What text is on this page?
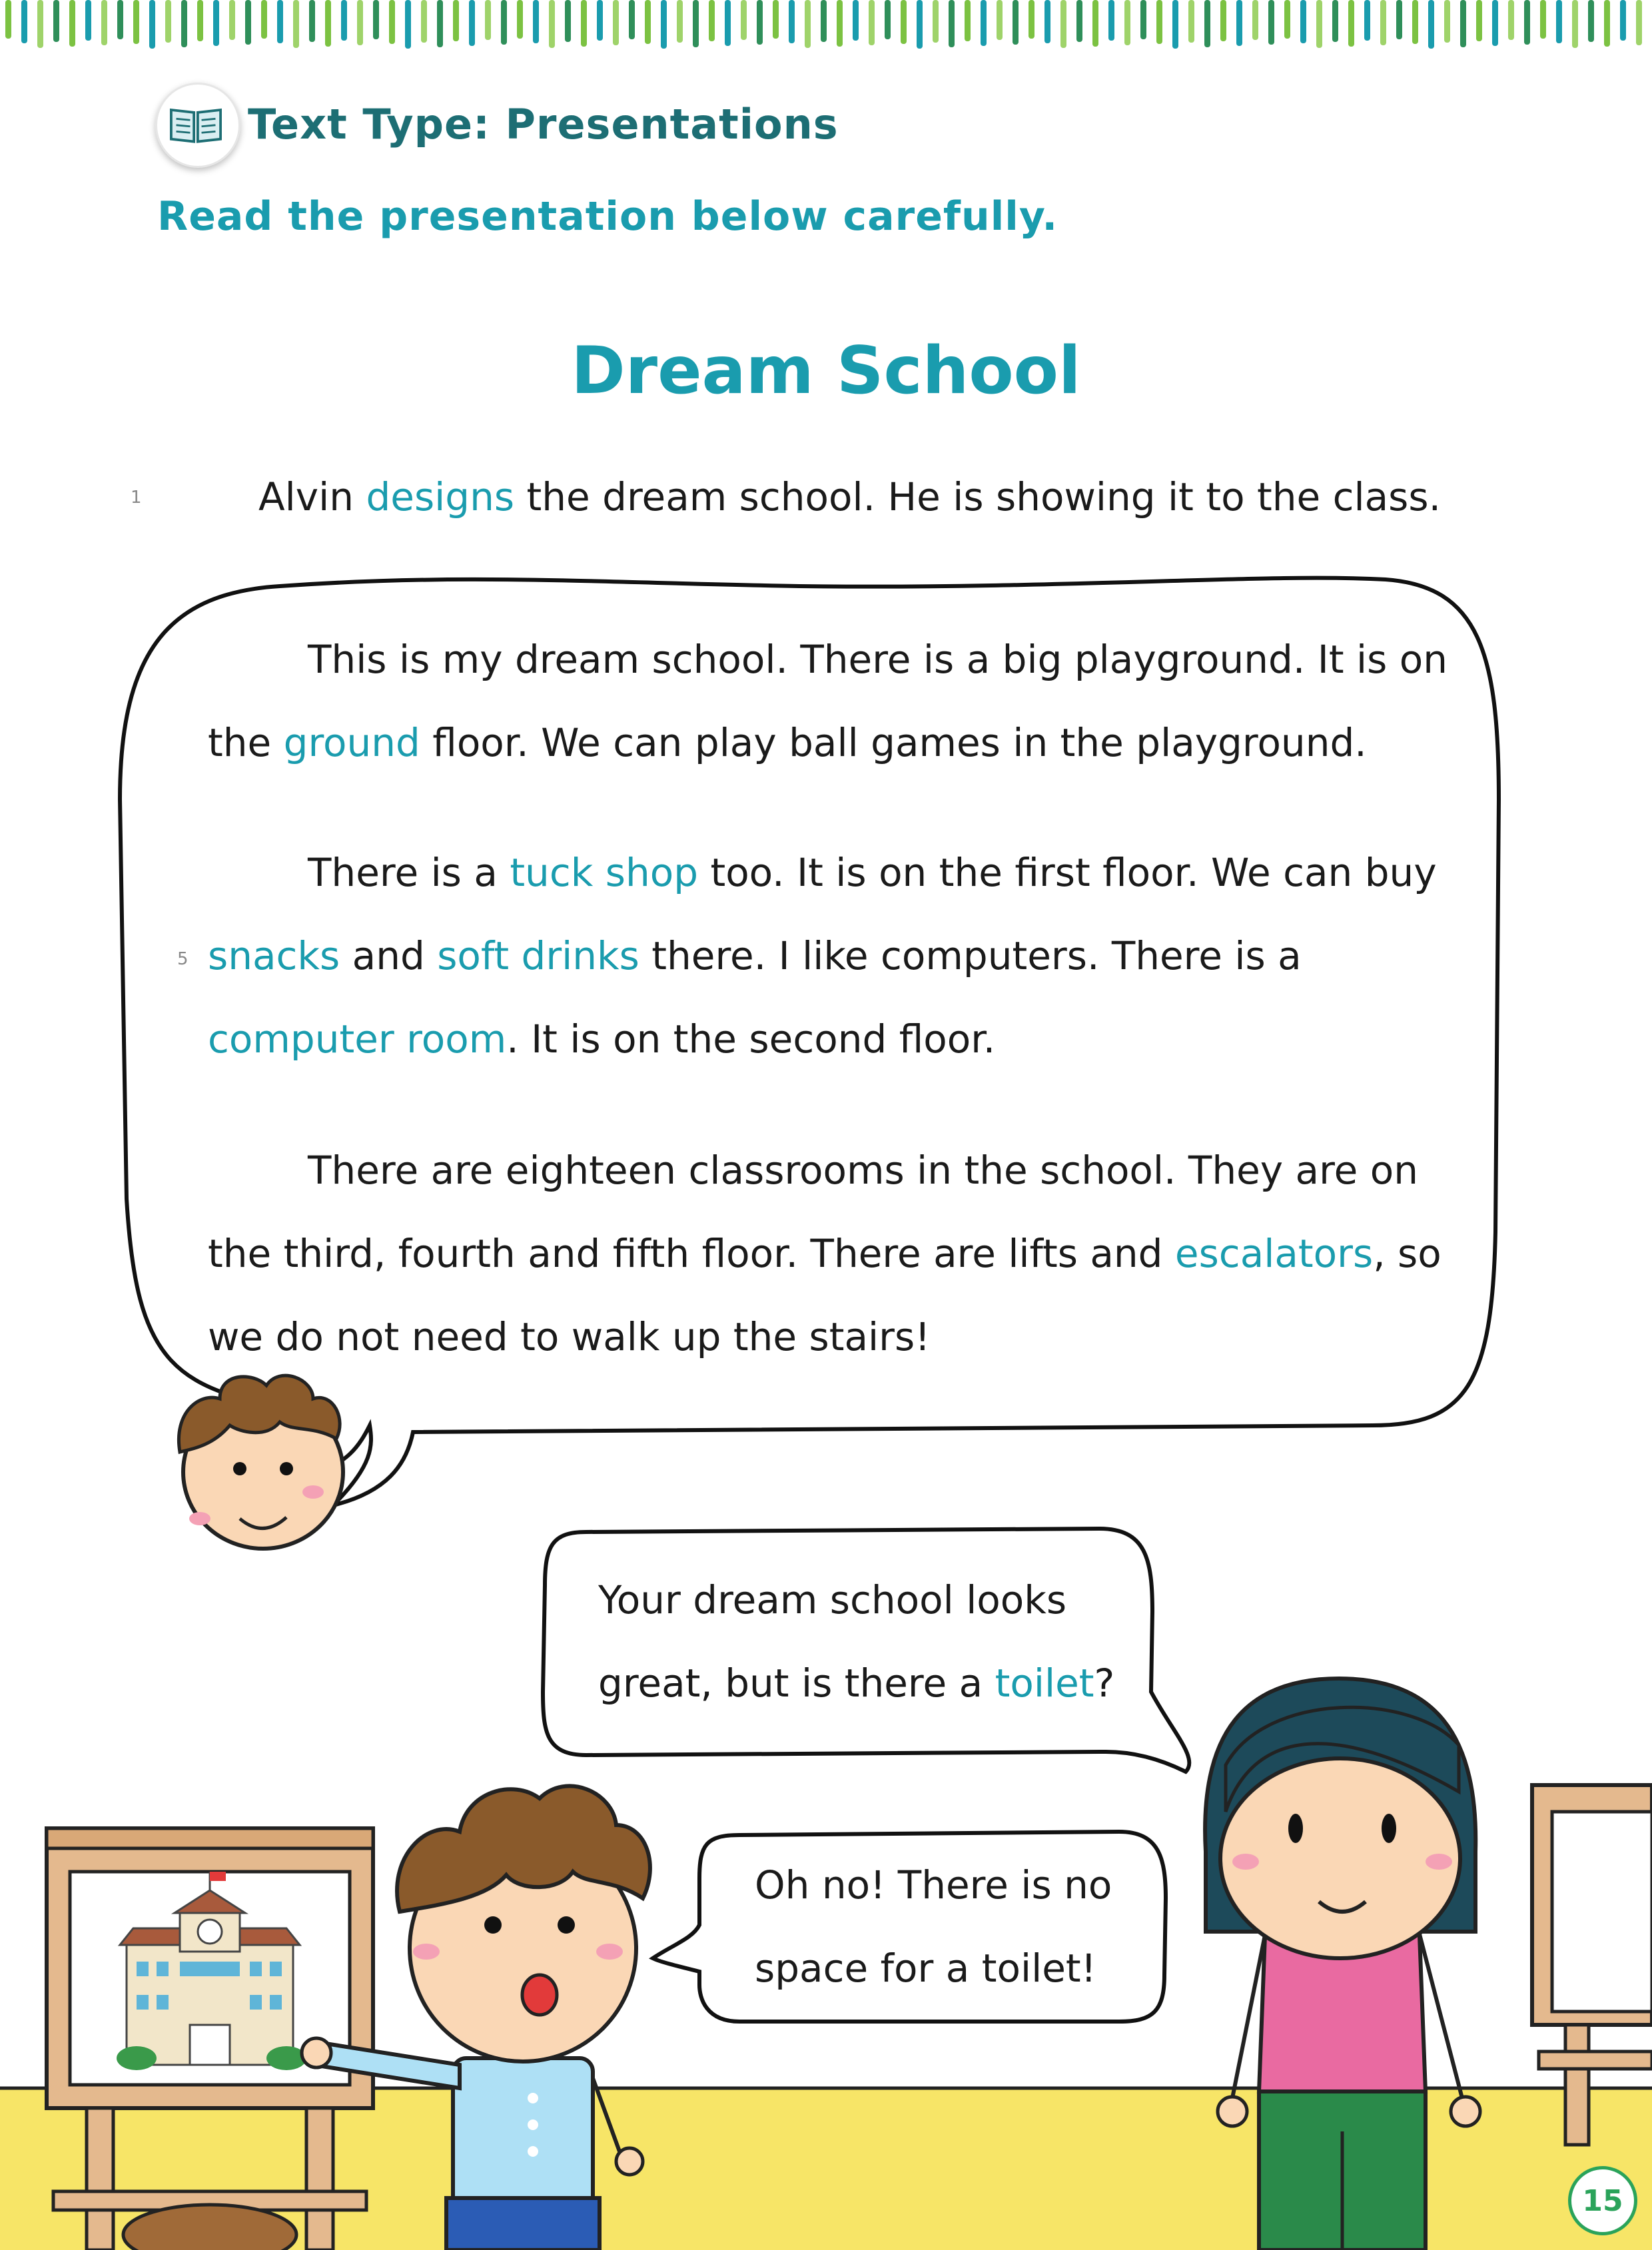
Text Type: Presentations
Read the presentation below carefully.
Dream School
1
5
Alvin designs the dream school. He is showing it to the class.

This is my dream school. There is a big playground. It is on the ground floor. We can play ball games in the playground.

There is a tuck shop too. It is on the first floor. We can buy snacks and soft drinks there. I like computers. There is a computer room. It is on the second floor.

There are eighteen classrooms in the school. They are on the third, fourth and fifth floor. There are lifts and escalators, so we do not need to walk up the stairs!

Your dream school looks
great, but is there a toilet?
Oh no! There is no
space for a toilet!
15
